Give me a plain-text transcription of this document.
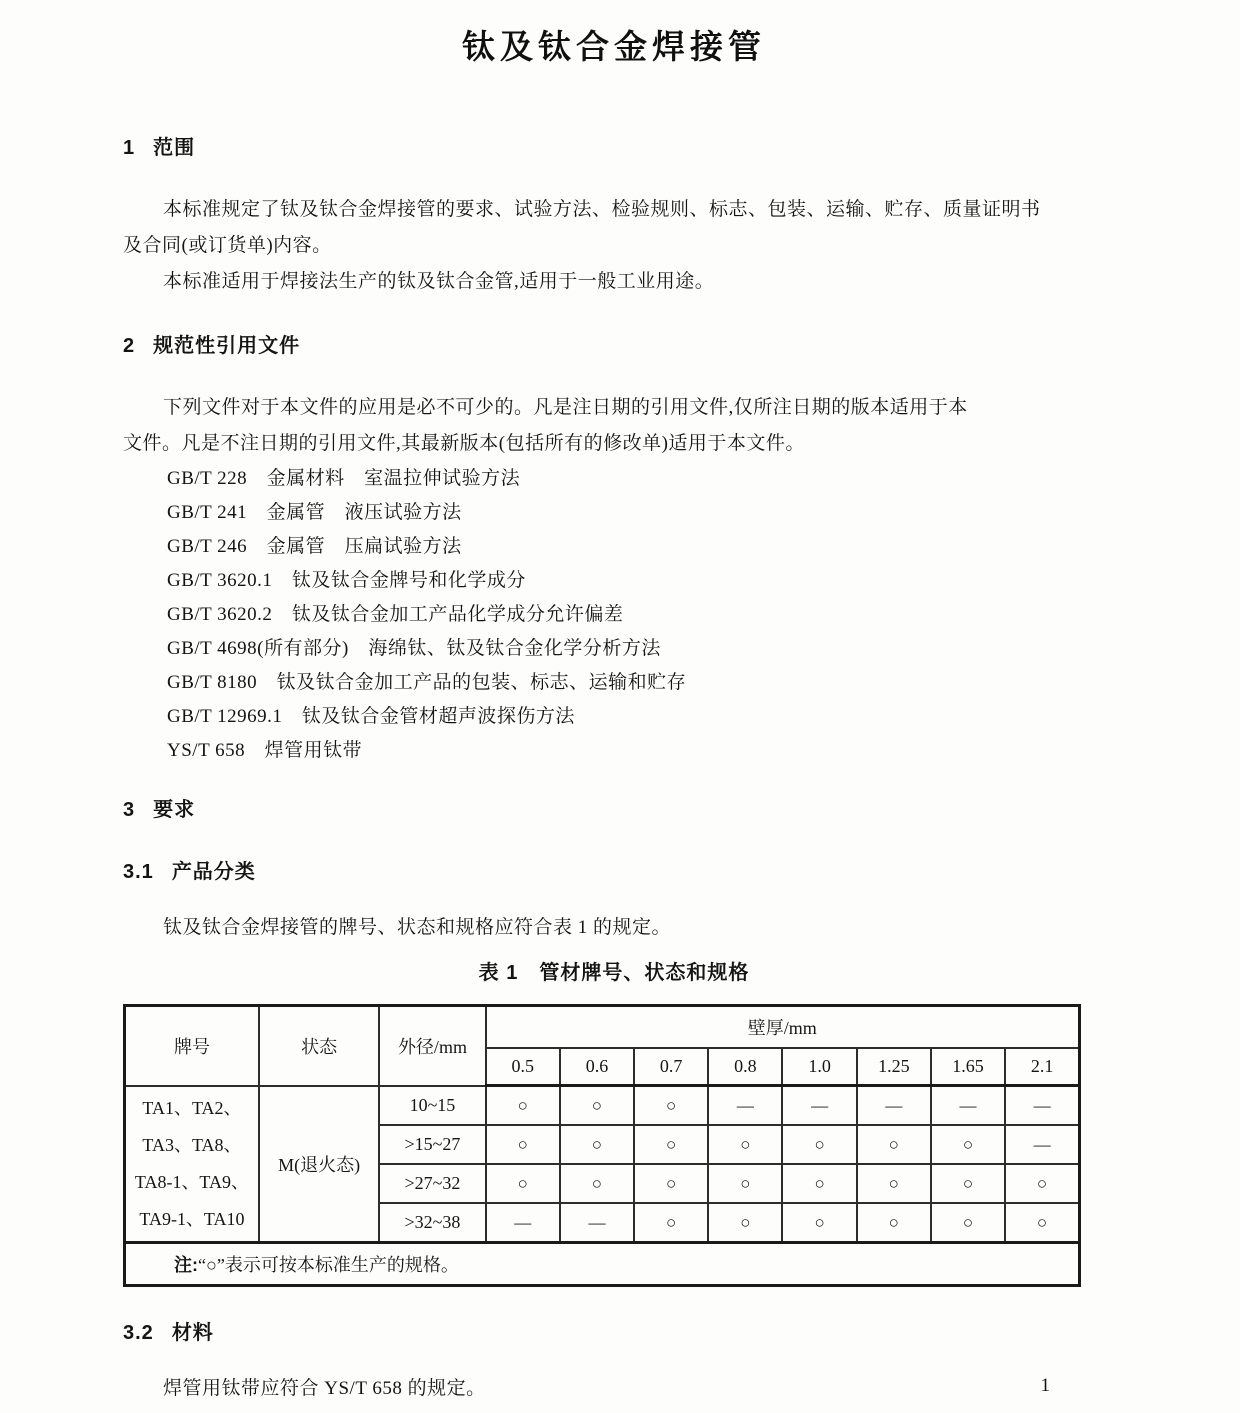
钛及钛合金焊接管
1 范围
本标准规定了钛及钛合金焊接管的要求、试验方法、检验规则、标志、包装、运输、贮存、质量证明书
及合同(或订货单)内容。
本标准适用于焊接法生产的钛及钛合金管,适用于一般工业用途。
2 规范性引用文件
下列文件对于本文件的应用是必不可少的。凡是注日期的引用文件,仅所注日期的版本适用于本
文件。凡是不注日期的引用文件,其最新版本(包括所有的修改单)适用于本文件。
GB/T 228　金属材料　室温拉伸试验方法
GB/T 241　金属管　液压试验方法
GB/T 246　金属管　压扁试验方法
GB/T 3620.1　钛及钛合金牌号和化学成分
GB/T 3620.2　钛及钛合金加工产品化学成分允许偏差
GB/T 4698(所有部分)　海绵钛、钛及钛合金化学分析方法
GB/T 8180　钛及钛合金加工产品的包装、标志、运输和贮存
GB/T 12969.1　钛及钛合金管材超声波探伤方法
YS/T 658　焊管用钛带
3 要求
3.1 产品分类
钛及钛合金焊接管的牌号、状态和规格应符合表 1 的规定。
表 1　管材牌号、状态和规格
牌号	状态	外径/mm	壁厚/mm							
			0.5	0.6	0.7	0.8	1.0	1.25	1.65	2.1

TA1、TA2、
TA3、TA8、
TA8-1、TA9、
TA9-1、TA10	M(退火态)	10~15	○	○	○	—	—	—	—	—
		>15~27	○	○	○	○	○	○	○	—
		>27~32	○	○	○	○	○	○	○	○
		>32~38	—	—	○	○	○	○	○	○
注:“○”表示可按本标准生产的规格。										
3.2 材料
焊管用钛带应符合 YS/T 658 的规定。	1
